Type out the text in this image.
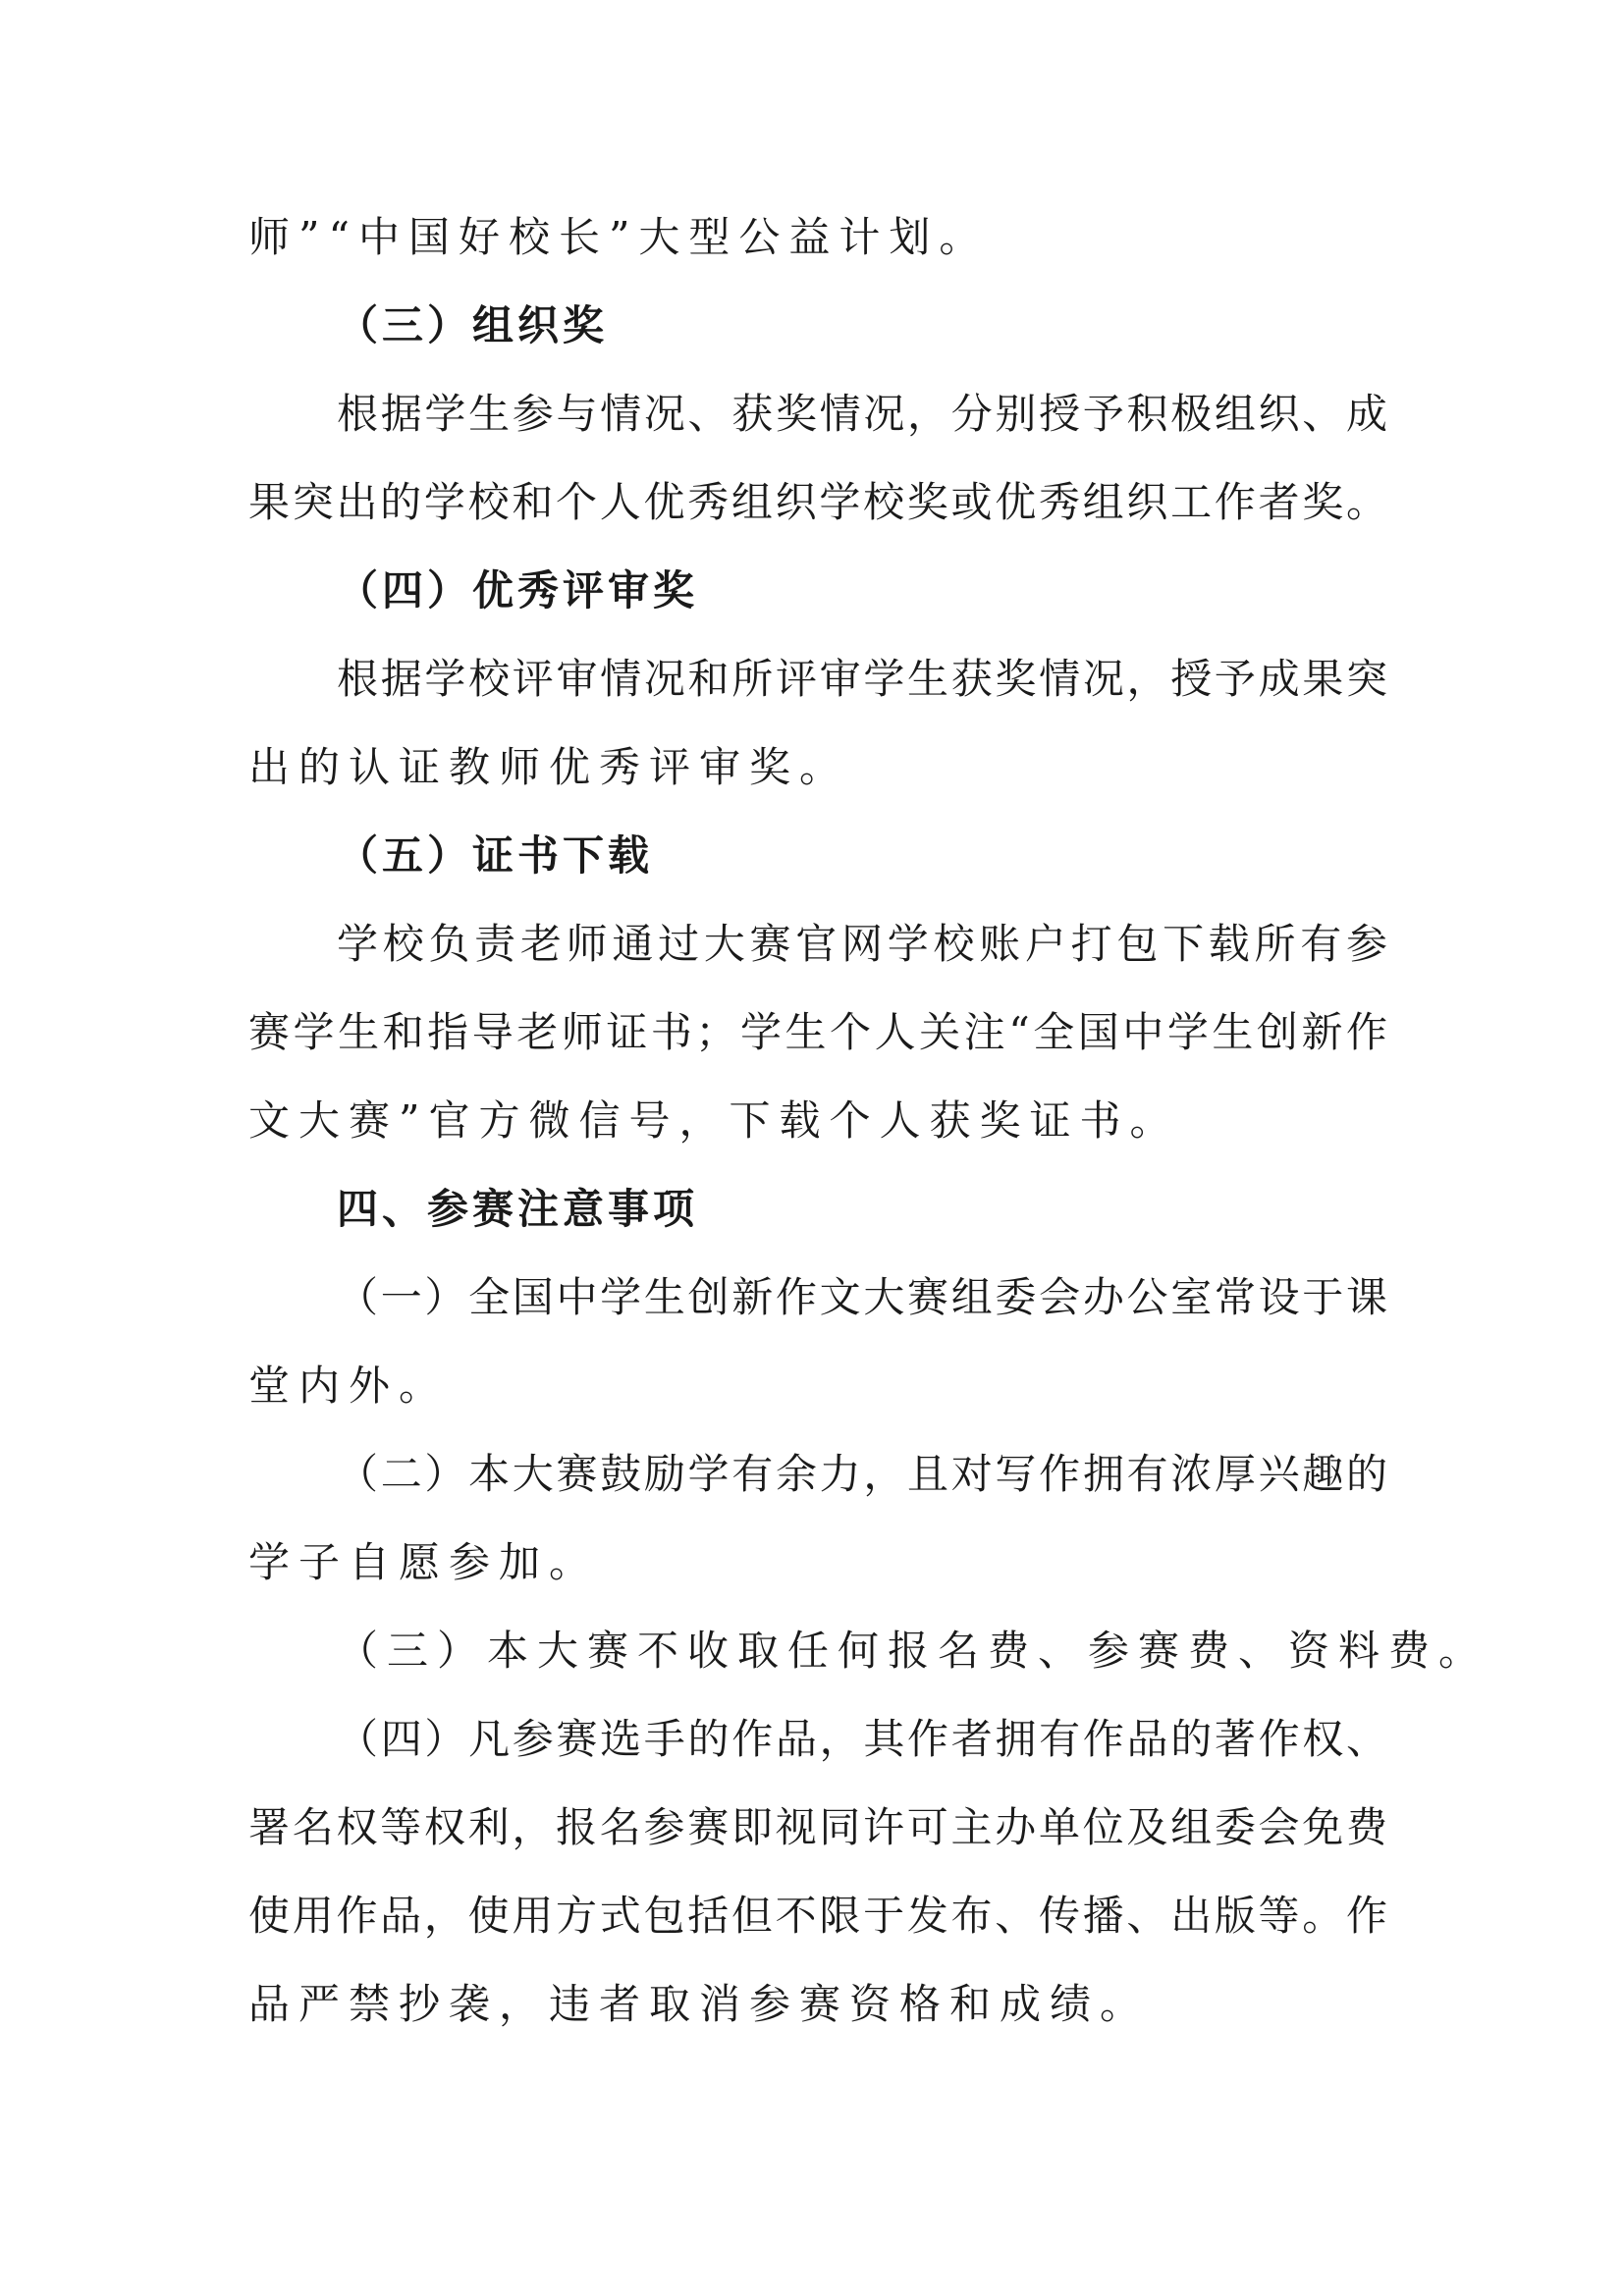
师”“中国好校长”大型公益计划。
（三）组织奖
根据学生参与情况、获奖情况，分别授予积极组织、成
果突出的学校和个人优秀组织学校奖或优秀组织工作者奖。
（四）优秀评审奖
根据学校评审情况和所评审学生获奖情况，授予成果突
出的认证教师优秀评审奖。
（五）证书下载
学校负责老师通过大赛官网学校账户打包下载所有参
赛学生和指导老师证书；学生个人关注“全国中学生创新作
文大赛”官方微信号，下载个人获奖证书。
四、参赛注意事项
（一）全国中学生创新作文大赛组委会办公室常设于课
堂内外。
（二）本大赛鼓励学有余力，且对写作拥有浓厚兴趣的
学子自愿参加。
（三）本大赛不收取任何报名费、参赛费、资料费。
（四）凡参赛选手的作品，其作者拥有作品的著作权、
署名权等权利，报名参赛即视同许可主办单位及组委会免费
使用作品，使用方式包括但不限于发布、传播、出版等。作
品严禁抄袭，违者取消参赛资格和成绩。
